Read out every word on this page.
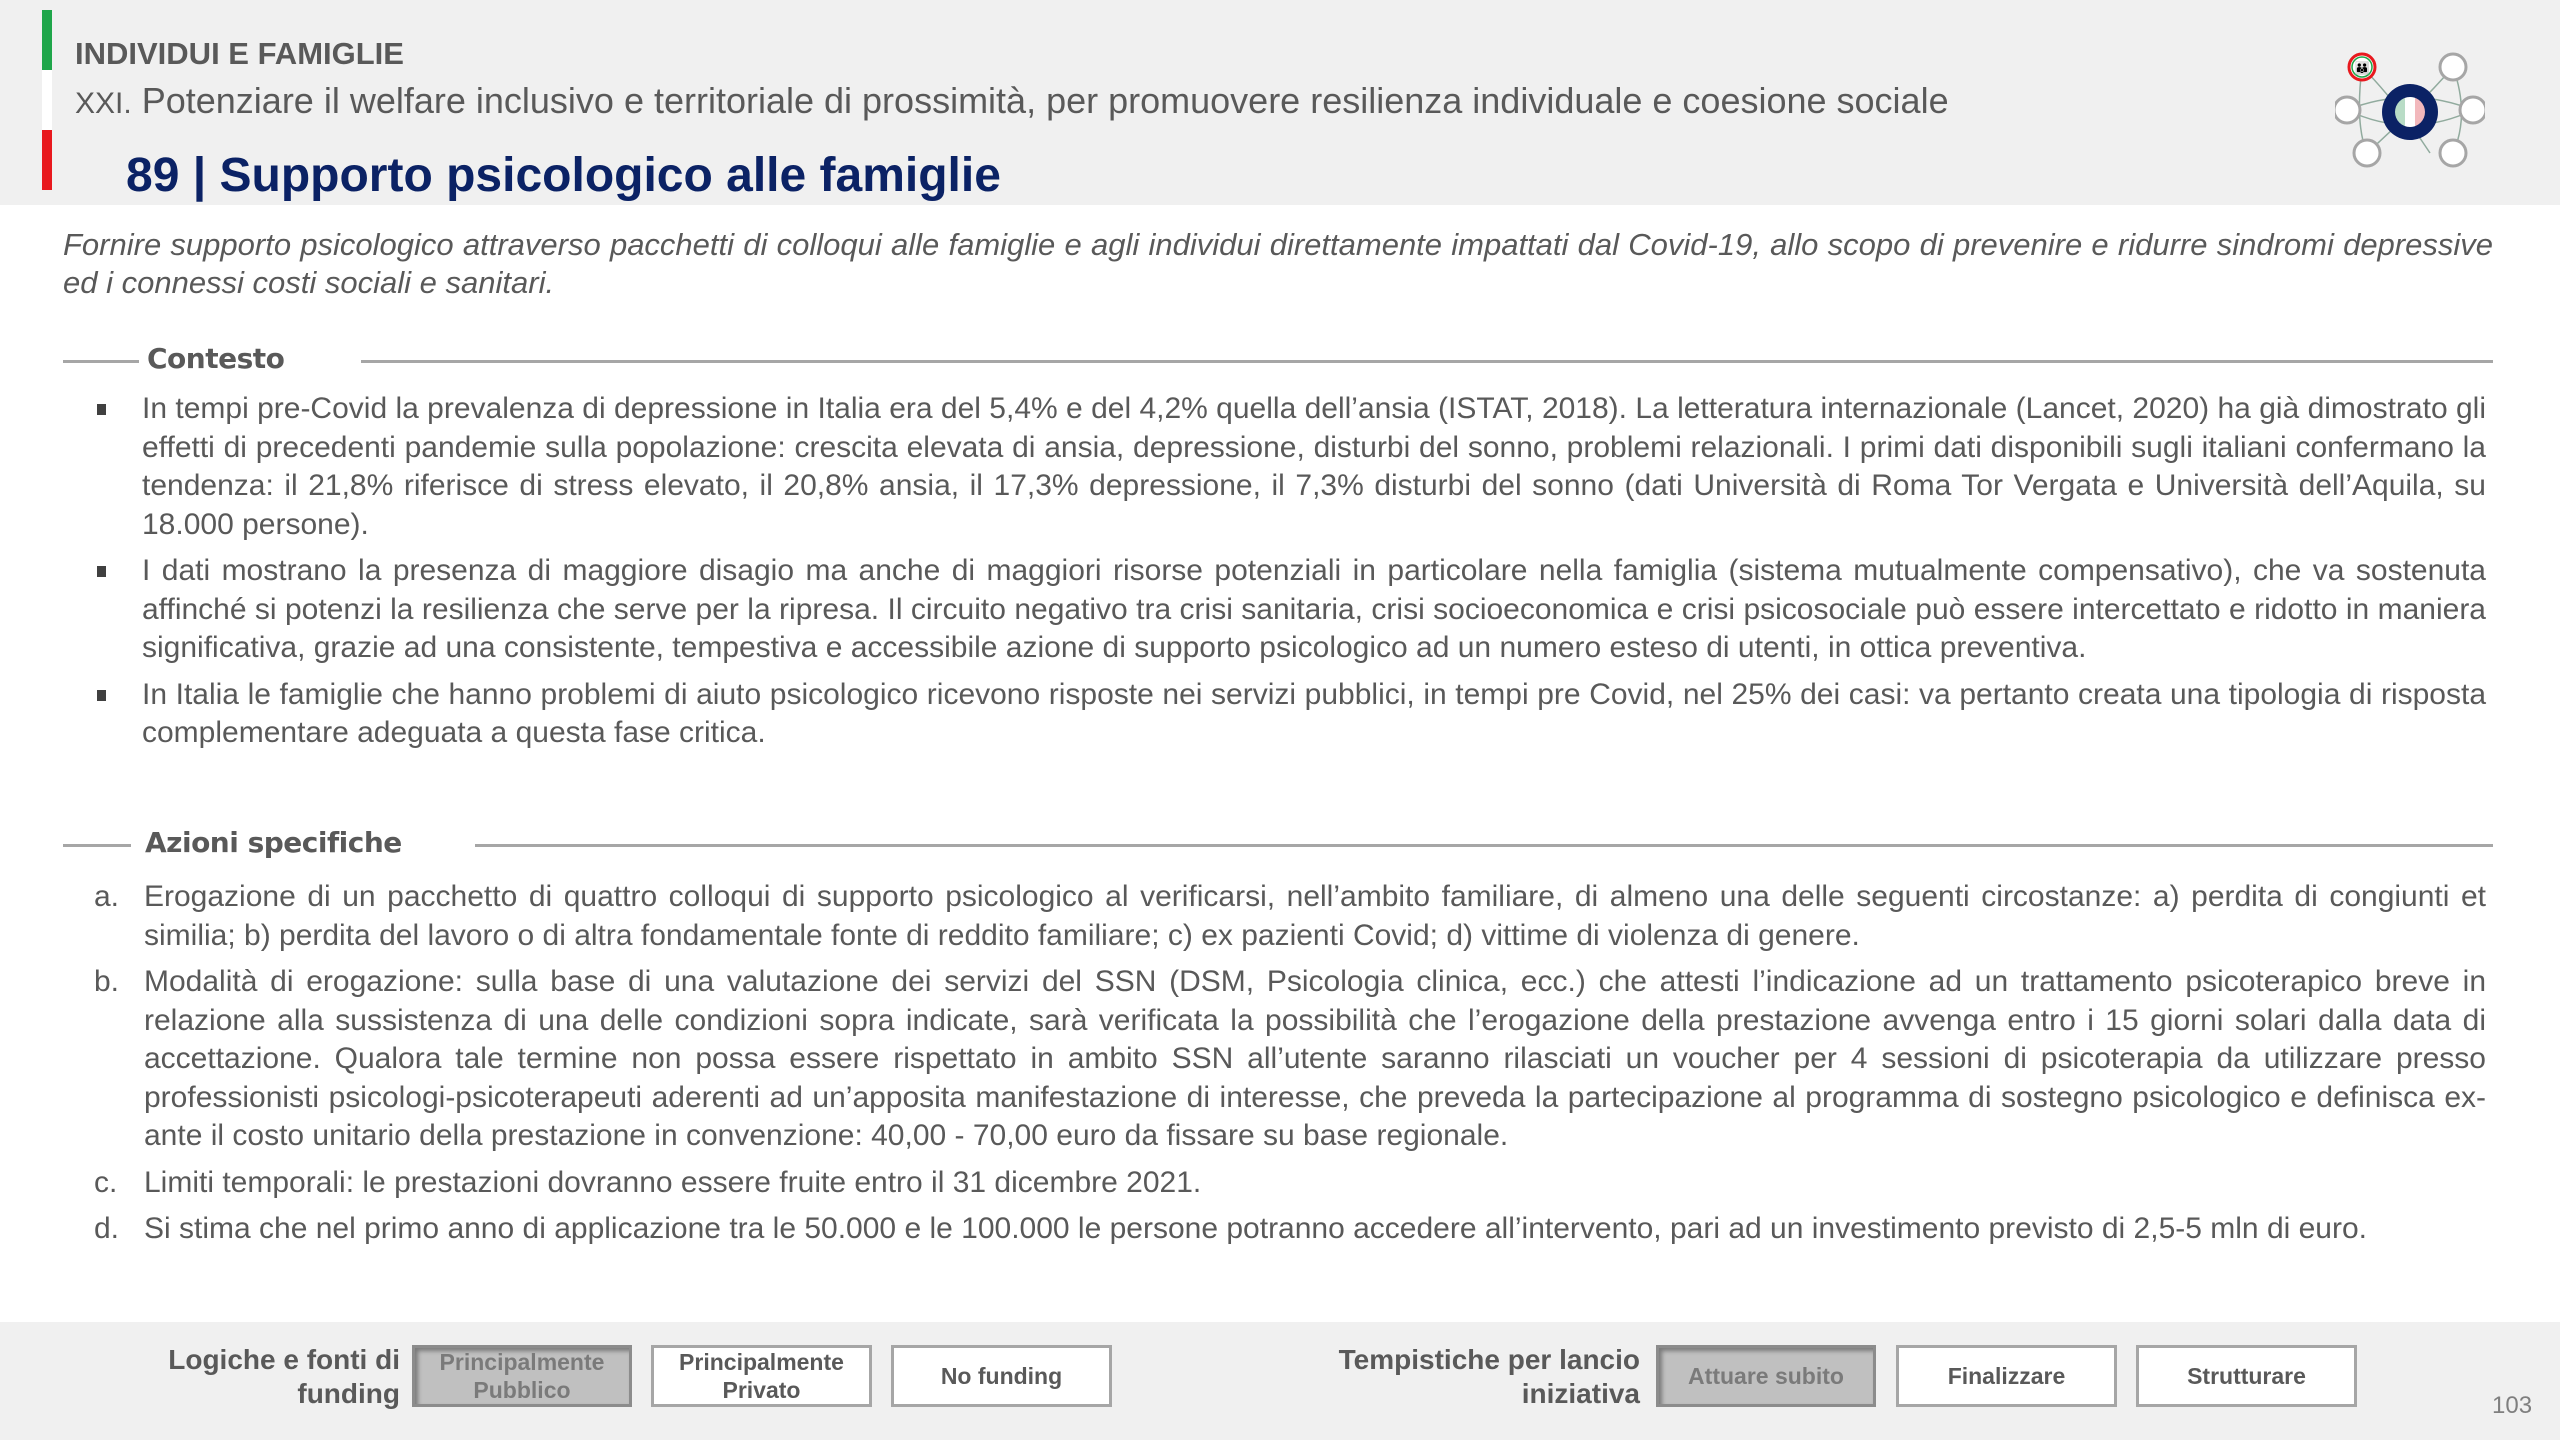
INDIVIDUI E FAMIGLIE
XXI. Potenziare il welfare inclusivo e territoriale di prossimità, per promuovere resilienza individuale e coesione sociale
89 | Supporto psicologico alle famiglie
👪
Fornire supporto psicologico attraverso pacchetti di colloqui alle famiglie e agli individui direttamente impattati dal Covid-19, allo scopo di prevenire e ridurre sindromi depressive ed i connessi costi sociali e sanitari.
Contesto
In tempi pre-Covid la prevalenza di depressione in Italia era del 5,4% e del 4,2% quella dell’ansia (ISTAT, 2018). La letteratura internazionale (Lancet, 2020) ha già dimostrato gli effetti di precedenti pandemie sulla popolazione: crescita elevata di ansia, depressione, disturbi del sonno, problemi relazionali. I primi dati disponibili sugli italiani confermano la tendenza: il 21,8% riferisce di stress elevato, il 20,8% ansia, il 17,3% depressione, il 7,3% disturbi del sonno (dati Università di Roma Tor Vergata e Università dell’Aquila, su 18.000 persone).
I dati mostrano la presenza di maggiore disagio ma anche di maggiori risorse potenziali in particolare nella famiglia (sistema mutualmente compensativo), che va sostenuta affinché si potenzi la resilienza che serve per la ripresa. Il circuito negativo tra crisi sanitaria, crisi socioeconomica e crisi psicosociale può essere intercettato e ridotto in maniera significativa, grazie ad una consistente, tempestiva e accessibile azione di supporto psicologico ad un numero esteso di utenti, in ottica preventiva.
In Italia le famiglie che hanno problemi di aiuto psicologico ricevono risposte nei servizi pubblici, in tempi pre Covid, nel 25% dei casi: va pertanto creata una tipologia di risposta complementare adeguata a questa fase critica.
Azioni specifiche
a. Erogazione di un pacchetto di quattro colloqui di supporto psicologico al verificarsi, nell’ambito familiare, di almeno una delle seguenti circostanze: a) perdita di congiunti et similia; b) perdita del lavoro o di altra fondamentale fonte di reddito familiare; c) ex pazienti Covid; d) vittime di violenza di genere.
b. Modalità di erogazione: sulla base di una valutazione dei servizi del SSN (DSM, Psicologia clinica, ecc.) che attesti l’indicazione ad un trattamento psicoterapico breve in relazione alla sussistenza di una delle condizioni sopra indicate, sarà verificata la possibilità che l’erogazione della prestazione avvenga entro i 15 giorni solari dalla data di accettazione. Qualora tale termine non possa essere rispettato in ambito SSN all’utente saranno rilasciati un voucher per 4 sessioni di psicoterapia da utilizzare presso professionisti psicologi-psicoterapeuti aderenti ad un’apposita manifestazione di interesse, che preveda la partecipazione al programma di sostegno psicologico e definisca ex-ante il costo unitario della prestazione in convenzione: 40,00 - 70,00 euro da fissare su base regionale.
c. Limiti temporali: le prestazioni dovranno essere fruite entro il 31 dicembre 2021.
d. Si stima che nel primo anno di applicazione tra le 50.000 e le 100.000 le persone potranno accedere all’intervento, pari ad un investimento previsto di 2,5-5 mln di euro.
Logiche e fonti di
funding
Principalmente
Pubblico
Principalmente
Privato
No funding
Tempistiche per lancio
iniziativa
Attuare subito	Finalizzare	Strutturare
103
